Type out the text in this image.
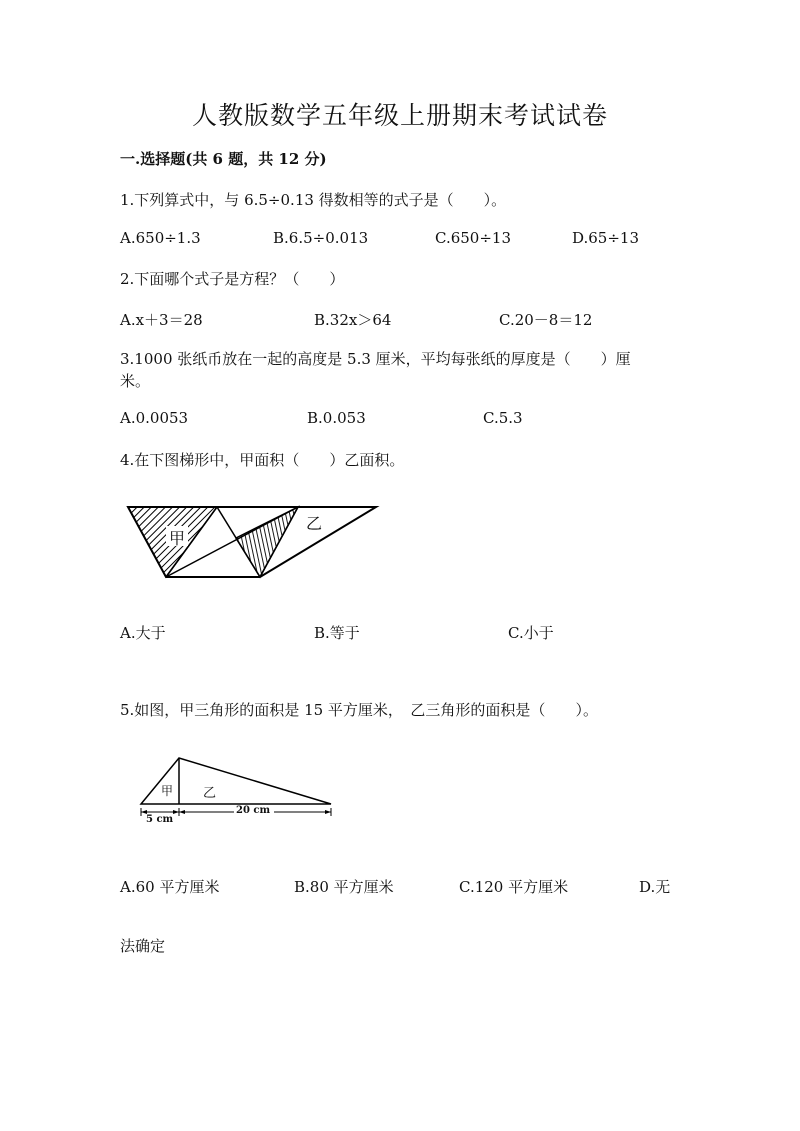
人教版数学五年级上册期末考试试卷
一.选择题(共 6 题，共 12 分)
1.下列算式中，与 6.5÷0.13 得数相等的式子是（　　）。
A.650÷1.3	B.6.5÷0.013	C.650÷13	D.65÷13
2.下面哪个式子是方程？（　　）
A.x＋3＝28	B.32x＞64	C.20－8＝12
3.1000 张纸币放在一起的高度是 5.3 厘米，平均每张纸的厚度是（　　）厘
米。
A.0.0053	B.0.053	C.5.3
4.在下图梯形中，甲面积（　　）乙面积。
甲
乙
A.大于	B.等于	C.小于
5.如图，甲三角形的面积是 15 平方厘米，　乙三角形的面积是（　　）。
甲 乙
5 cm
20 cm
A.60 平方厘米	B.80 平方厘米	C.120 平方厘米	D.无
法确定
